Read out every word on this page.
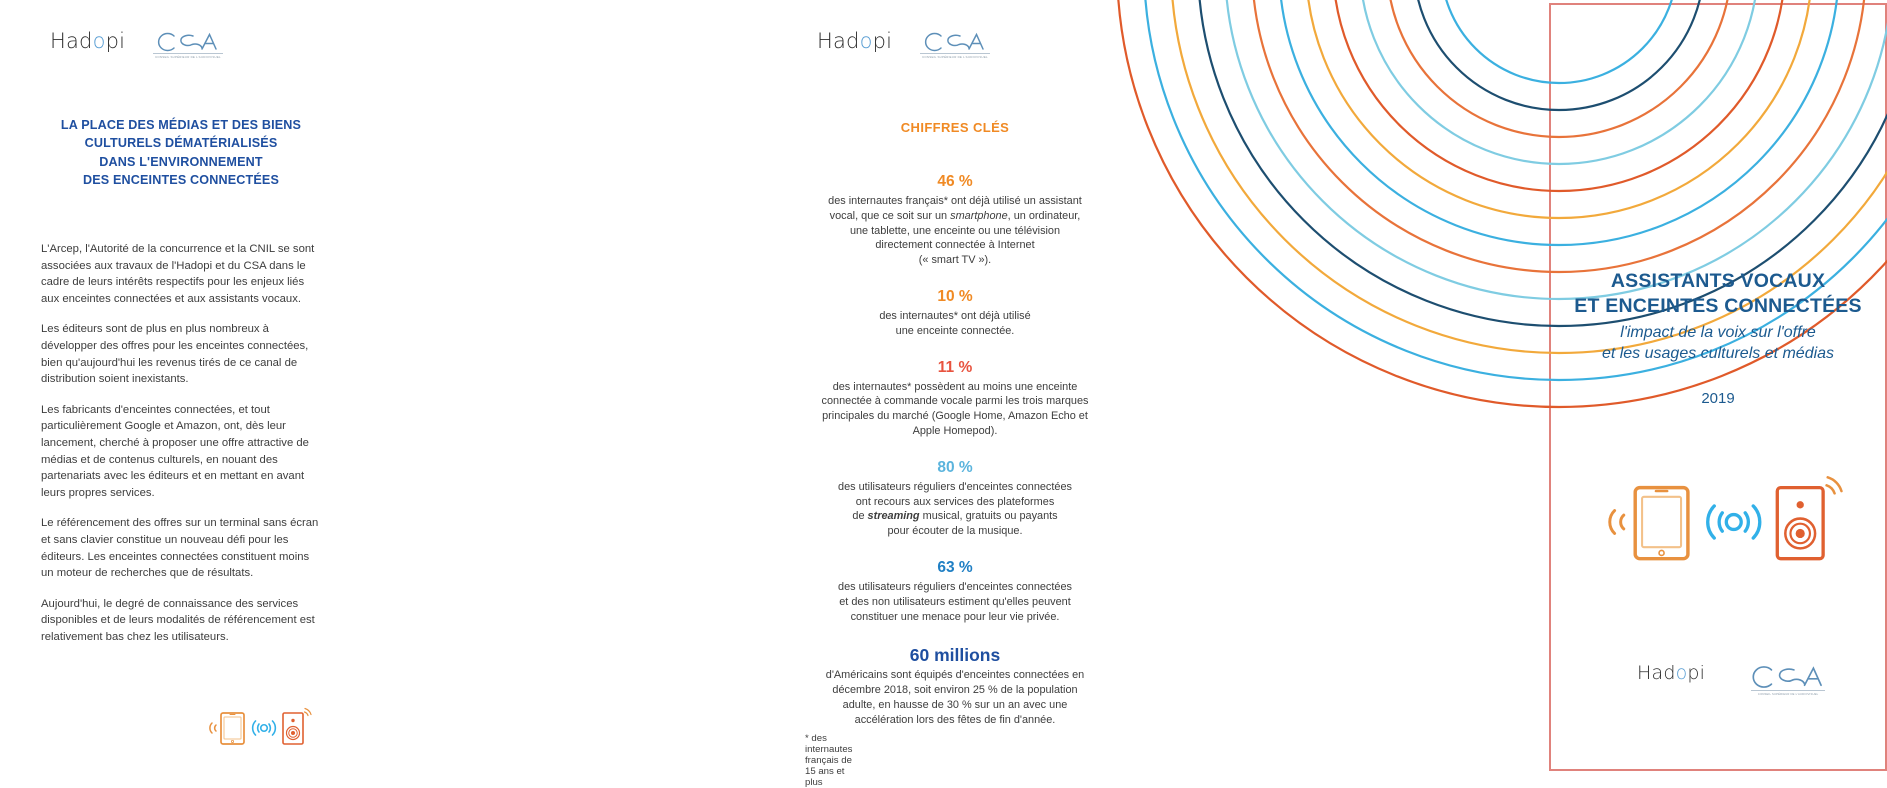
Hadopi
CONSEIL SUPÉRIEUR DE L'AUDIOVISUEL
LA PLACE DES MÉDIAS ET DES BIENS
CULTURELS DÉMATÉRIALISÉS
DANS L'ENVIRONNEMENT
DES ENCEINTES CONNECTÉES

L'Arcep, l'Autorité de la concurrence et la CNIL se sont associées aux travaux de l'Hadopi et du CSA dans le cadre de leurs intérêts respectifs pour les enjeux liés aux enceintes connectées et aux assistants vocaux.

Les éditeurs sont de plus en plus nombreux à développer des offres pour les enceintes connectées, bien qu'aujourd'hui les revenus tirés de ce canal de distribution soient inexistants.

Les fabricants d'enceintes connectées, et tout particulièrement Google et Amazon, ont, dès leur lancement, cherché à proposer une offre attractive de médias et de contenus culturels, en nouant des partenariats avec les éditeurs et en mettant en avant leurs propres services.

Le référencement des offres sur un terminal sans écran et sans clavier constitue un nouveau défi pour les éditeurs. Les enceintes connectées constituent moins un moteur de recherches que de résultats.

Aujourd'hui, le degré de connaissance des services disponibles et de leurs modalités de référencement est relativement bas chez les utilisateurs.

Hadopi
CONSEIL SUPÉRIEUR DE L'AUDIOVISUEL
CHIFFRES CLÉS
46 %
des internautes français* ont déjà utilisé un assistant
vocal, que ce soit sur un smartphone, un ordinateur,
une tablette, une enceinte ou une télévision
directement connectée à Internet
(« smart TV »).
10 %
des internautes* ont déjà utilisé
une enceinte connectée.
11 %
des internautes* possèdent au moins une enceinte
connectée à commande vocale parmi les trois marques
principales du marché (Google Home, Amazon Echo et
Apple Homepod).
80 %
des utilisateurs réguliers d'enceintes connectées
ont recours aux services des plateformes
de streaming musical, gratuits ou payants
pour écouter de la musique.
63 %
des utilisateurs réguliers d'enceintes connectées
et des non utilisateurs estiment qu'elles peuvent
constituer une menace pour leur vie privée.
60 millions
d'Américains sont équipés d'enceintes connectées en
décembre 2018, soit environ 25 % de la population
adulte, en hausse de 30 % sur un an avec une
accélération lors des fêtes de fin d'année.
* des internautes français de 15 ans et plus
ASSISTANTS VOCAUX
ET ENCEINTES CONNECTÉES
l'impact de la voix sur l'offre
et les usages culturels et médias
2019
Hadopi
CONSEIL SUPÉRIEUR DE L'AUDIOVISUEL
